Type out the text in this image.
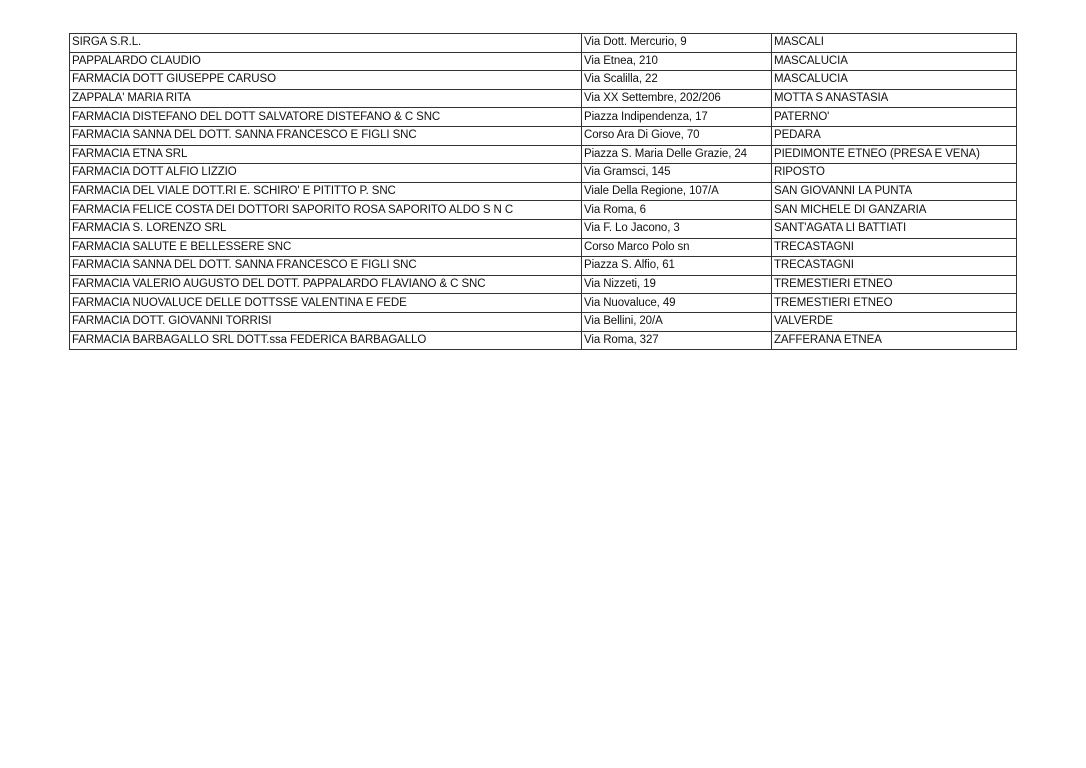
SIRGA S.R.L.	Via Dott. Mercurio, 9	MASCALI
PAPPALARDO CLAUDIO	Via Etnea, 210	MASCALUCIA
FARMACIA DOTT GIUSEPPE CARUSO	Via Scalilla, 22	MASCALUCIA
ZAPPALA' MARIA RITA	Via XX Settembre, 202/206	MOTTA S ANASTASIA
FARMACIA DISTEFANO DEL DOTT SALVATORE DISTEFANO & C SNC	Piazza Indipendenza, 17	PATERNO'
FARMACIA SANNA DEL DOTT. SANNA FRANCESCO E FIGLI SNC	Corso Ara Di Giove, 70	PEDARA
FARMACIA ETNA SRL	Piazza S. Maria Delle Grazie, 24	PIEDIMONTE ETNEO (PRESA E VENA)
FARMACIA DOTT ALFIO LIZZIO	Via Gramsci, 145	RIPOSTO
FARMACIA DEL VIALE DOTT.RI E. SCHIRO' E PITITTO P. SNC	Viale Della Regione, 107/A	SAN GIOVANNI LA PUNTA
FARMACIA FELICE COSTA DEI DOTTORI SAPORITO ROSA SAPORITO ALDO S N C	Via Roma, 6	SAN MICHELE DI GANZARIA
FARMACIA S. LORENZO SRL	Via F. Lo Jacono, 3	SANT'AGATA LI BATTIATI
FARMACIA SALUTE E BELLESSERE SNC	Corso Marco Polo sn	TRECASTAGNI
FARMACIA SANNA DEL DOTT. SANNA FRANCESCO E FIGLI SNC	Piazza S. Alfio, 61	TRECASTAGNI
FARMACIA VALERIO AUGUSTO DEL DOTT. PAPPALARDO FLAVIANO & C SNC	Via Nizzeti, 19	TREMESTIERI ETNEO
FARMACIA NUOVALUCE DELLE DOTTSSE VALENTINA E FEDE	Via Nuovaluce, 49	TREMESTIERI ETNEO
FARMACIA DOTT. GIOVANNI TORRISI	Via Bellini, 20/A	VALVERDE
FARMACIA BARBAGALLO SRL DOTT.ssa FEDERICA BARBAGALLO	Via Roma, 327	ZAFFERANA ETNEA
